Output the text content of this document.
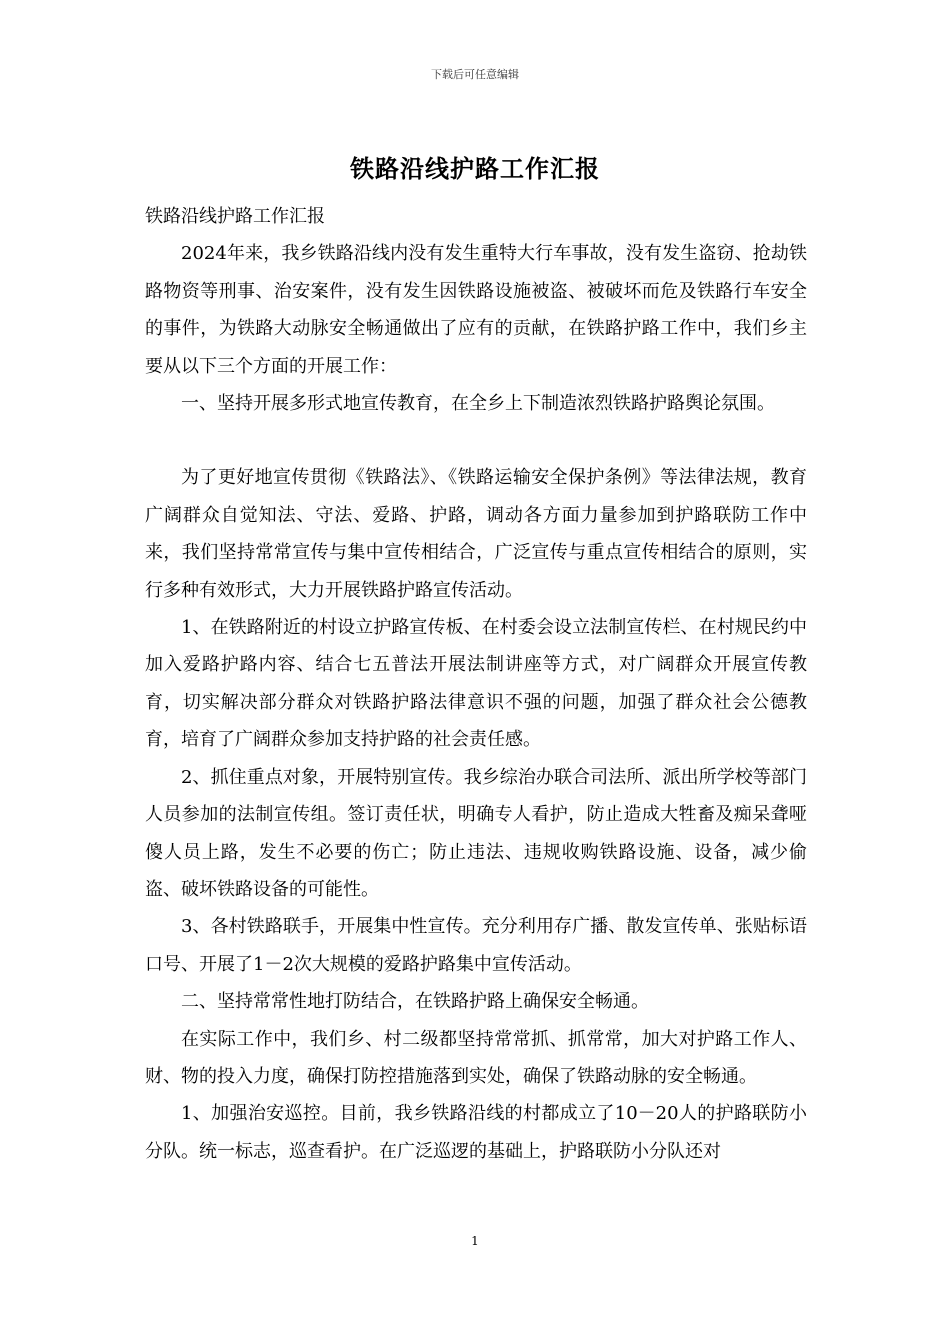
下载后可任意编辑
铁路沿线护路工作汇报

铁路沿线护路工作汇报

2024年来，我乡铁路沿线内没有发生重特大行车事故，没有发生盗窃、抢劫铁路物资等刑事、治安案件，没有发生因铁路设施被盗、被破坏而危及铁路行车安全的事件，为铁路大动脉安全畅通做出了应有的贡献，在铁路护路工作中，我们乡主要从以下三个方面的开展工作：

一、坚持开展多形式地宣传教育，在全乡上下制造浓烈铁路护路舆论氛围。

为了更好地宣传贯彻《铁路法》、《铁路运输安全保护条例》等法律法规，教育广阔群众自觉知法、守法、爱路、护路，调动各方面力量参加到护路联防工作中来，我们坚持常常宣传与集中宣传相结合，广泛宣传与重点宣传相结合的原则，实行多种有效形式，大力开展铁路护路宣传活动。

1、在铁路附近的村设立护路宣传板、在村委会设立法制宣传栏、在村规民约中加入爱路护路内容、结合七五普法开展法制讲座等方式，对广阔群众开展宣传教育，切实解决部分群众对铁路护路法律意识不强的问题，加强了群众社会公德教育，培育了广阔群众参加支持护路的社会责任感。

2、抓住重点对象，开展特别宣传。我乡综治办联合司法所、派出所学校等部门人员参加的法制宣传组。签订责任状，明确专人看护，防止造成大牲畜及痴呆聋哑傻人员上路，发生不必要的伤亡；防止违法、违规收购铁路设施、设备，减少偷盗、破坏铁路设备的可能性。

3、各村铁路联手，开展集中性宣传。充分利用存广播、散发宣传单、张贴标语口号、开展了1－2次大规模的爱路护路集中宣传活动。

二、坚持常常性地打防结合，在铁路护路上确保安全畅通。

在实际工作中，我们乡、村二级都坚持常常抓、抓常常，加大对护路工作人、财、物的投入力度，确保打防控措施落到实处，确保了铁路动脉的安全畅通。

1、加强治安巡控。目前，我乡铁路沿线的村都成立了10－20人的护路联防小分队。统一标志，巡查看护。在广泛巡逻的基础上，护路联防小分队还对

1
